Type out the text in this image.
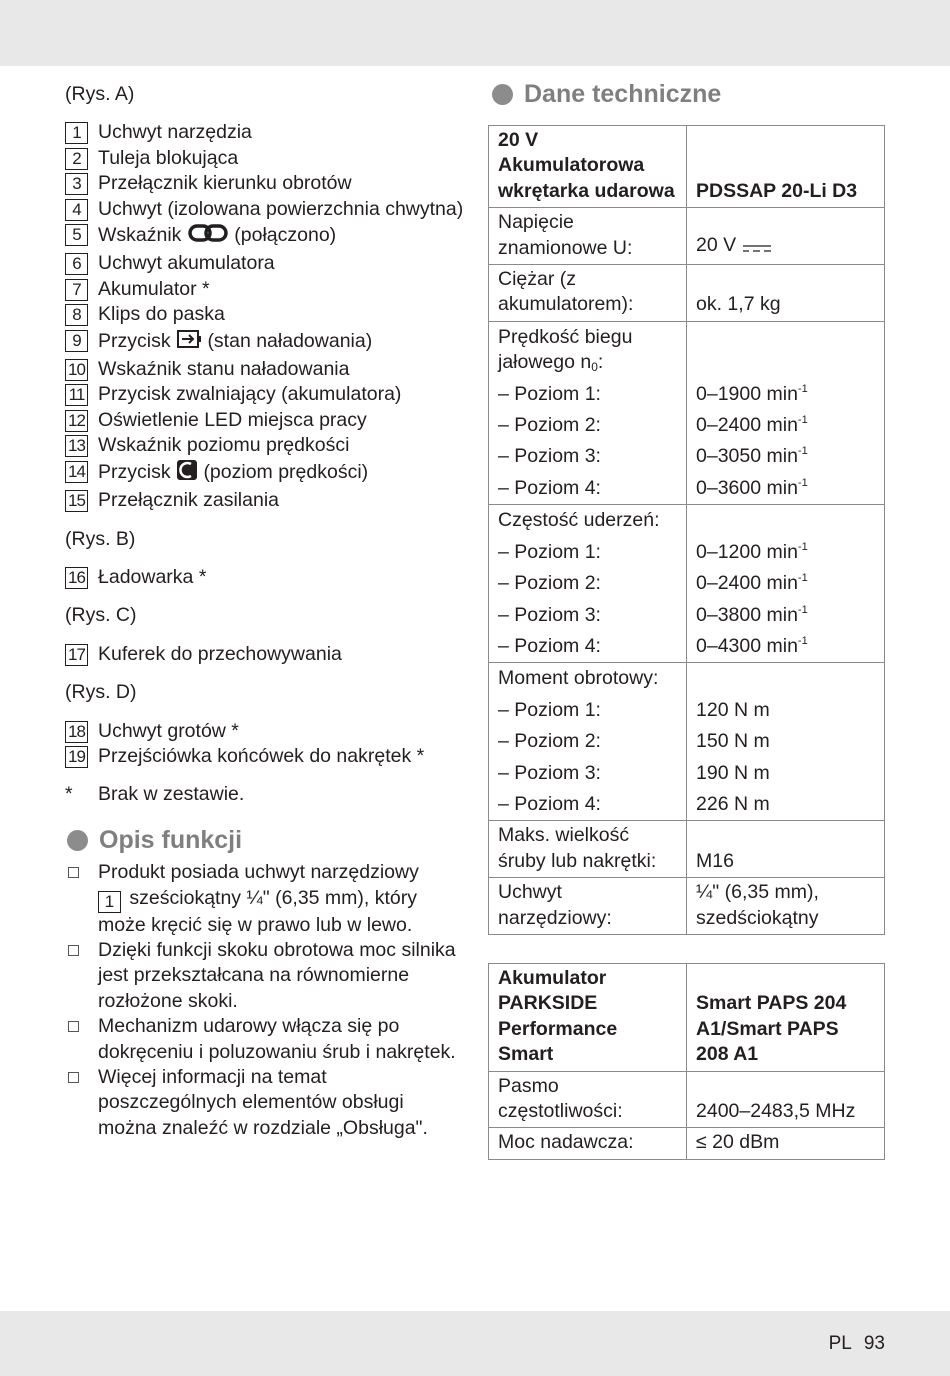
(Rys. A)
1 Uchwyt narzędzia
2 Tuleja blokująca
3 Przełącznik kierunku obrotów
4 Uchwyt (izolowana powierzchnia chwytna)
5 Wskaźnik	(połączono)
6 Uchwyt akumulatora
7 Akumulator *
8 Klips do paska
9 Przycisk (stan naładowania)
10 Wskaźnik stanu naładowania
11 Przycisk zwalniający (akumulatora)
12 Oświetlenie LED miejsca pracy
13 Wskaźnik poziomu prędkości
14 Przycisk (poziom prędkości)
15 Przełącznik zasilania
(Rys. B)
16 Ładowarka *
(Rys. C)
17 Kuferek do przechowywania
(Rys. D)
18 Uchwyt grotów *
19 Przejściówka końcówek do nakrętek *
* Brak w zestawie.
Opis funkcji
Produkt posiada uchwyt narzędziowy
1 sześciokątny ¼" (6,35 mm), który może kręcić się w prawo lub w lewo.
Dzięki funkcji skoku obrotowa moc silnika jest przekształcana na równomierne rozłożone skoki.
Mechanizm udarowy włącza się po dokręceniu i poluzowaniu śrub i nakrętek.
Więcej informacji na temat poszczególnych elementów obsługi można znaleźć w rozdziale „Obsługa".
Dane techniczne
20 V Akumulatorowa wkrętarka udarowa	PDSSAP 20-Li D3
Napięcie znamionowe U:	20 V
Ciężar (z akumulatorem):	ok. 1,7 kg
Prędkość biegu jałowego $n_0$:	
– Poziom 1:	0–1900 $\min^{-1}$
– Poziom 2:	0–2400 $\min^{-1}$
– Poziom 3:	0–3050 $\min^{-1}$
– Poziom 4:	0–3600 $\min^{-1}$
Częstość uderzeń:	
– Poziom 1:	0–1200 $\min^{-1}$
– Poziom 2:	0–2400 $\min^{-1}$
– Poziom 3:	0–3800 $\min^{-1}$
– Poziom 4:	0–4300 $\min^{-1}$
Moment obrotowy:	
– Poziom 1:	120 N m
– Poziom 2:	150 N m
– Poziom 3:	190 N m
– Poziom 4:	226 N m
Maks. wielkość śruby lub nakrętki:	M16
Uchwyt narzędziowy:	¼" (6,35 mm), szedściokątny
Akumulator PARKSIDE Performance Smart	Smart PAPS 204 A1/Smart PAPS 208 A1
Pasmo częstotliwości:	2400–2483,5 MHz
Moc nadawcza:	≤ 20 dBm
PL 93
